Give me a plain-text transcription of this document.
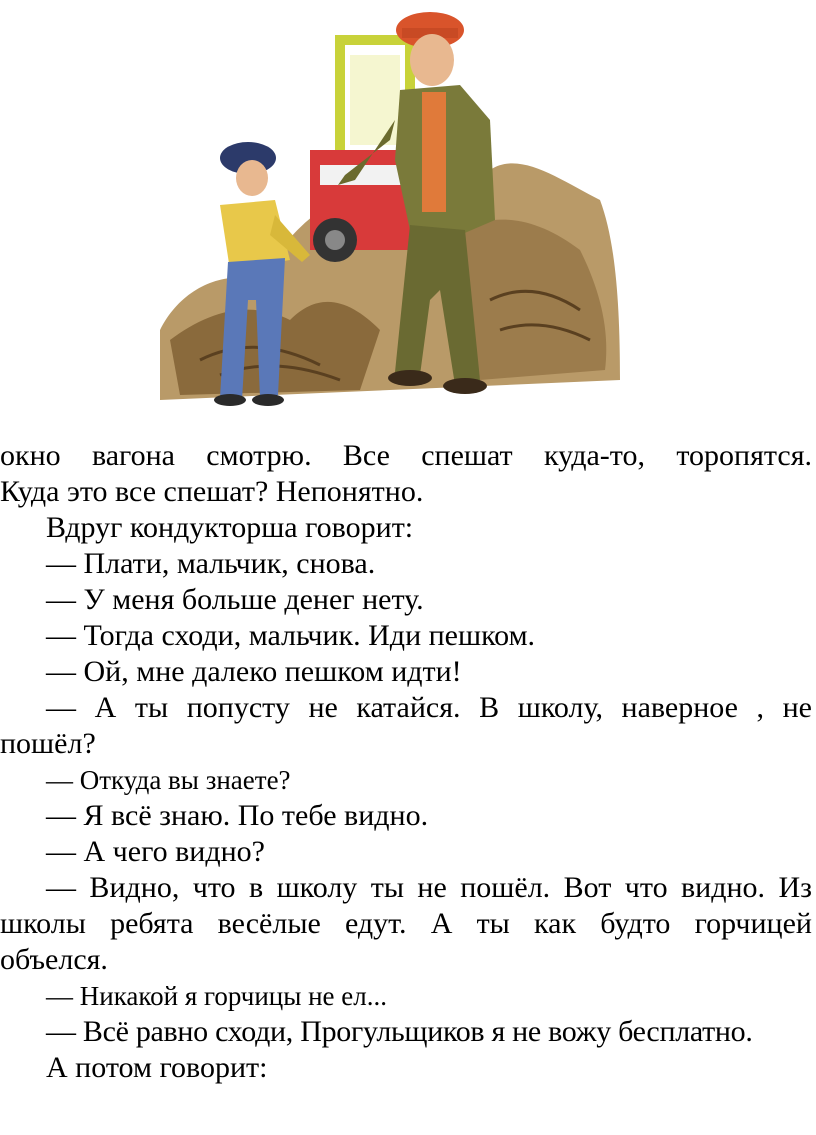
окно вагона смотрю. Все спешат куда-то, торопятся.
Куда это все спешат? Непонятно.
Вдруг кондукторша говорит:
— Плати, мальчик, снова.
— У меня больше денег нету.
— Тогда сходи, мальчик. Иди пешком.
— Ой, мне далеко пешком идти!
— А ты попусту не катайся. В школу, наверное , не
пошёл?
— Откуда вы знаете?
— Я всё знаю. По тебе видно.
— А чего видно?
— Видно, что в школу ты не пошёл. Вот что видно. Из
школы ребята весёлые едут. А ты как будто горчицей
объелся.
— Никакой я горчицы не ел...
— Всё равно сходи, Прогульщиков я не вожу бесплатно.
А потом говорит:
